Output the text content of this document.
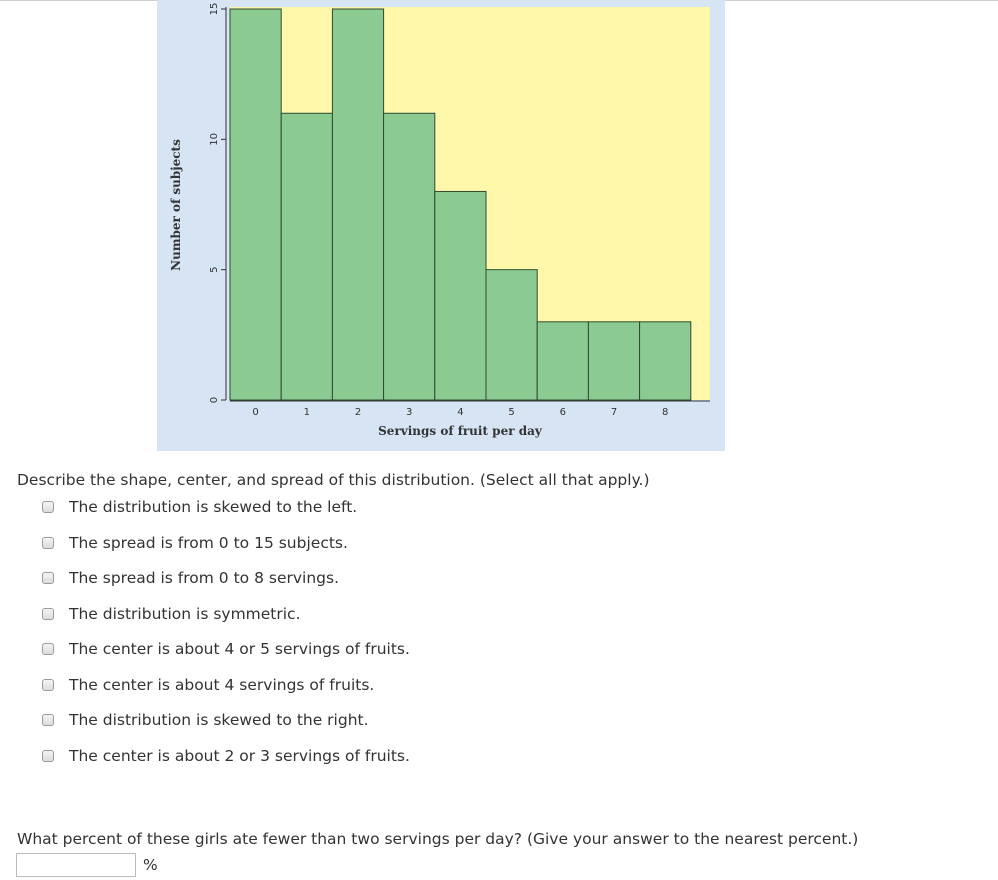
0
5
10
15
0	1	2	3	4	5	6	7	8
Servings of fruit per day
Number of subjects
Describe the shape, center, and spread of this distribution. (Select all that apply.)
The distribution is skewed to the left.
The spread is from 0 to 15 subjects.
The spread is from 0 to 8 servings.
The distribution is symmetric.
The center is about 4 or 5 servings of fruits.
The center is about 4 servings of fruits.
The distribution is skewed to the right.
The center is about 2 or 3 servings of fruits.
What percent of these girls ate fewer than two servings per day? (Give your answer to the nearest percent.)
%
